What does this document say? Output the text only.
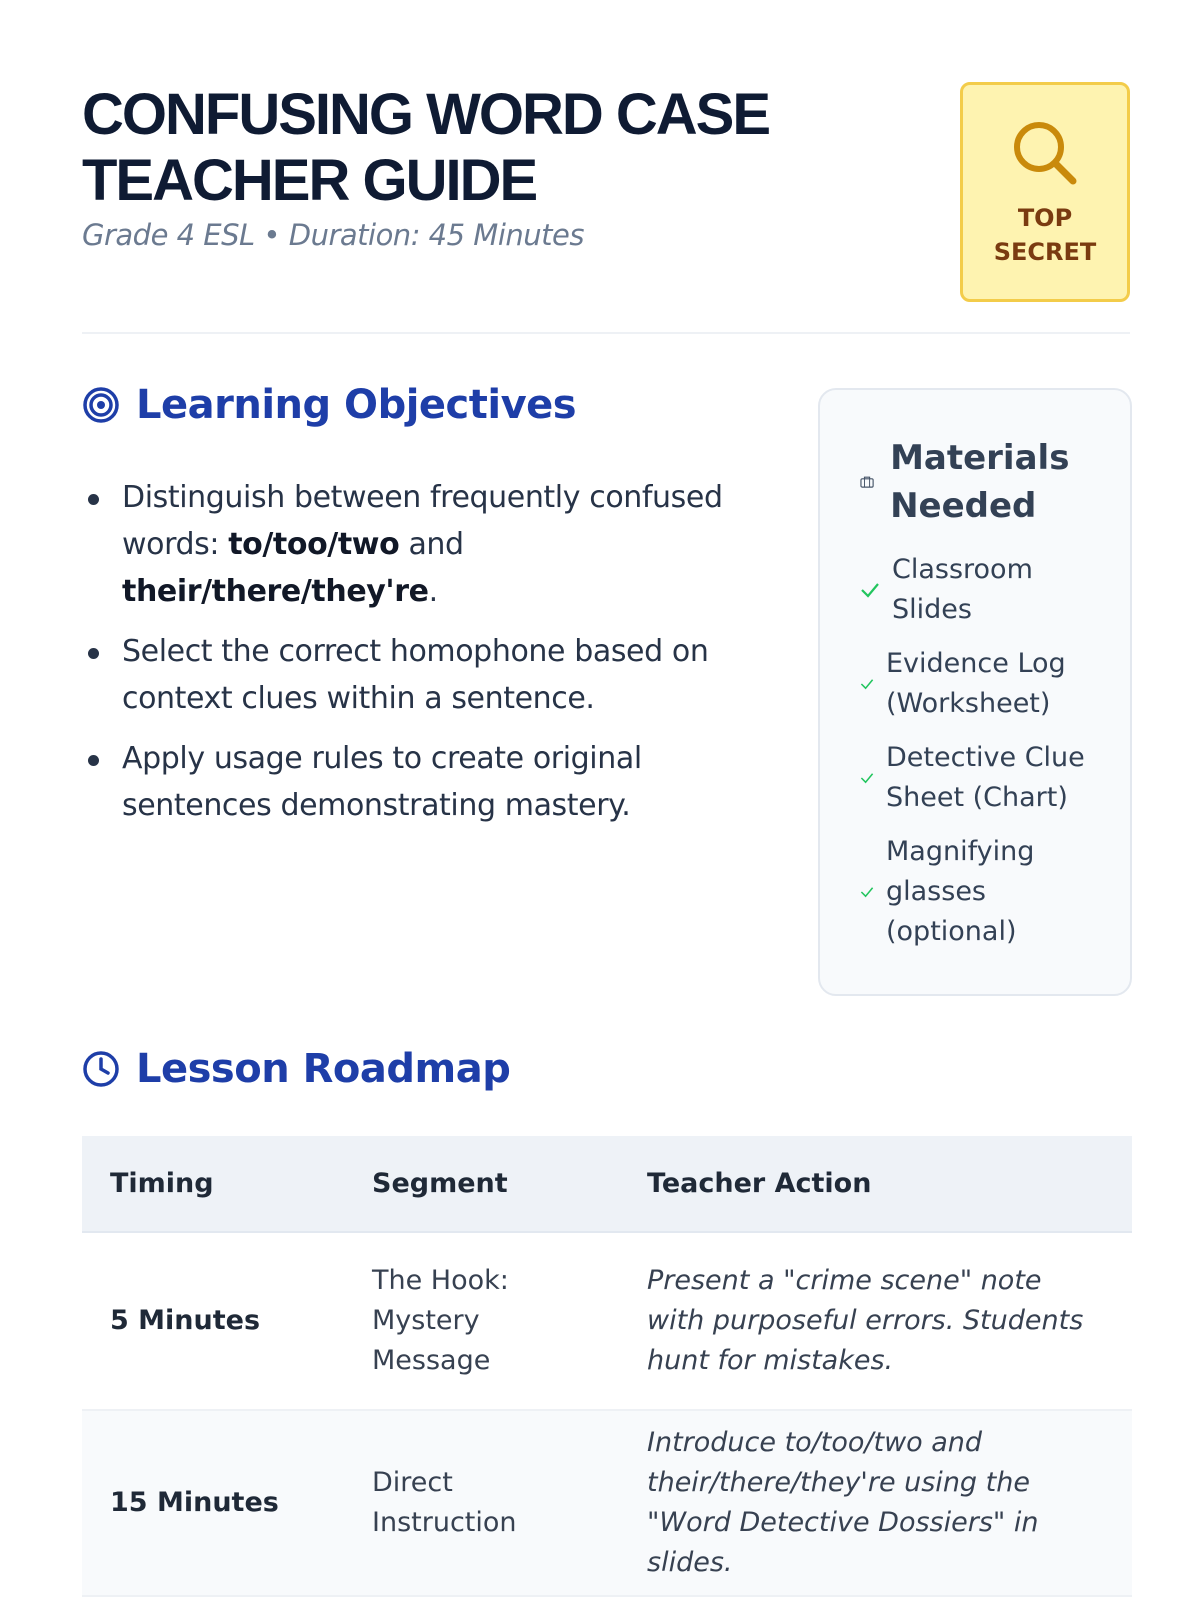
CONFUSING WORD CASE TEACHER GUIDE
Grade 4 ESL • Duration: 45 Minutes	TOP SECRET
Learning Objectives
Distinguish between frequently confused words: to/too/two and their/there/they're.
Select the correct homophone based on context clues within a sentence.
Apply usage rules to create original sentences demonstrating mastery.
Materials Needed
Classroom Slides
Evidence Log (Worksheet)
Detective Clue Sheet (Chart)
Magnifying glasses (optional)
Lesson Roadmap
Timing	Segment	Teacher Action
5 Minutes	The Hook: Mystery Message	Present a "crime scene" note with purposeful errors. Students hunt for mistakes.
15 Minutes	Direct Instruction	Introduce to/too/two and their/there/they're using the "Word Detective Dossiers" in slides.
